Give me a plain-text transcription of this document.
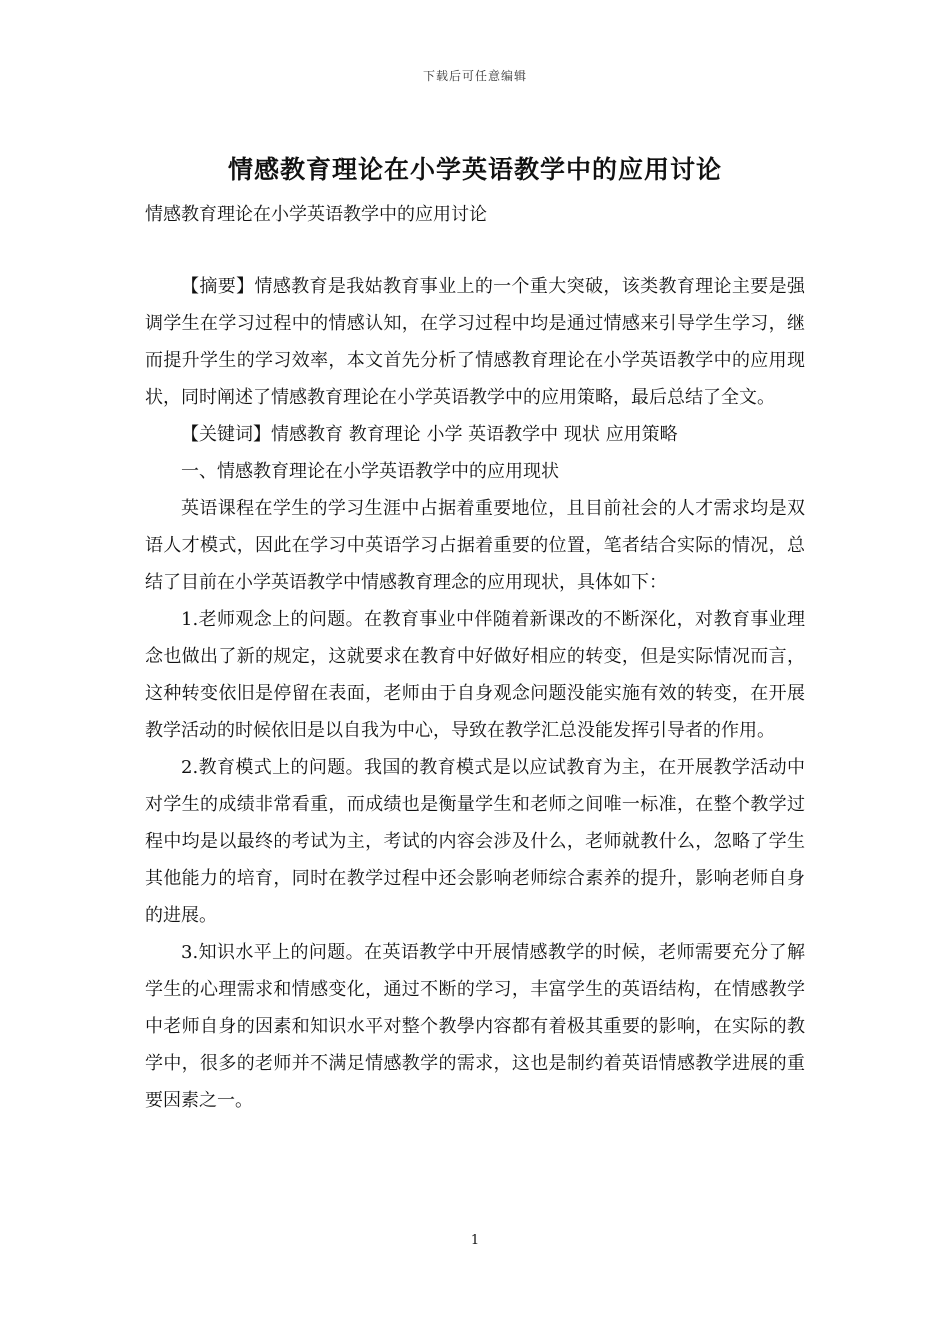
下载后可任意编辑
情感教育理论在小学英语教学中的应用讨论
情感教育理论在小学英语教学中的应用讨论

【摘要】情感教育是我姑教育事业上的一个重大突破，该类教育理论主要是强调学生在学习过程中的情感认知，在学习过程中均是通过情感来引导学生学习，继而提升学生的学习效率，本文首先分析了情感教育理论在小学英语教学中的应用现状，同时阐述了情感教育理论在小学英语教学中的应用策略，最后总结了全文。

【关键词】情感教育 教育理论 小学 英语教学中 现状 应用策略

一、情感教育理论在小学英语教学中的应用现状

英语课程在学生的学习生涯中占据着重要地位，且目前社会的人才需求均是双语人才模式，因此在学习中英语学习占据着重要的位置，笔者结合实际的情况，总结了目前在小学英语教学中情感教育理念的应用现状，具体如下：

1.老师观念上的问题。在教育事业中伴随着新课改的不断深化，对教育事业理念也做出了新的规定，这就要求在教育中好做好相应的转变，但是实际情况而言，这种转变依旧是停留在表面，老师由于自身观念问题没能实施有效的转变，在开展教学活动的时候依旧是以自我为中心，导致在教学汇总没能发挥引导者的作用。

2.教育模式上的问题。我国的教育模式是以应试教育为主，在开展教学活动中对学生的成绩非常看重，而成绩也是衡量学生和老师之间唯一标准，在整个教学过程中均是以最终的考试为主，考试的内容会涉及什么，老师就教什么，忽略了学生其他能力的培育，同时在教学过程中还会影响老师综合素养的提升，影响老师自身的进展。

3.知识水平上的问题。在英语教学中开展情感教学的时候，老师需要充分了解学生的心理需求和情感变化，通过不断的学习，丰富学生的英语结构，在情感教学中老师自身的因素和知识水平对整个教學内容都有着极其重要的影响，在实际的教学中，很多的老师并不满足情感教学的需求，这也是制约着英语情感教学进展的重要因素之一。

1
